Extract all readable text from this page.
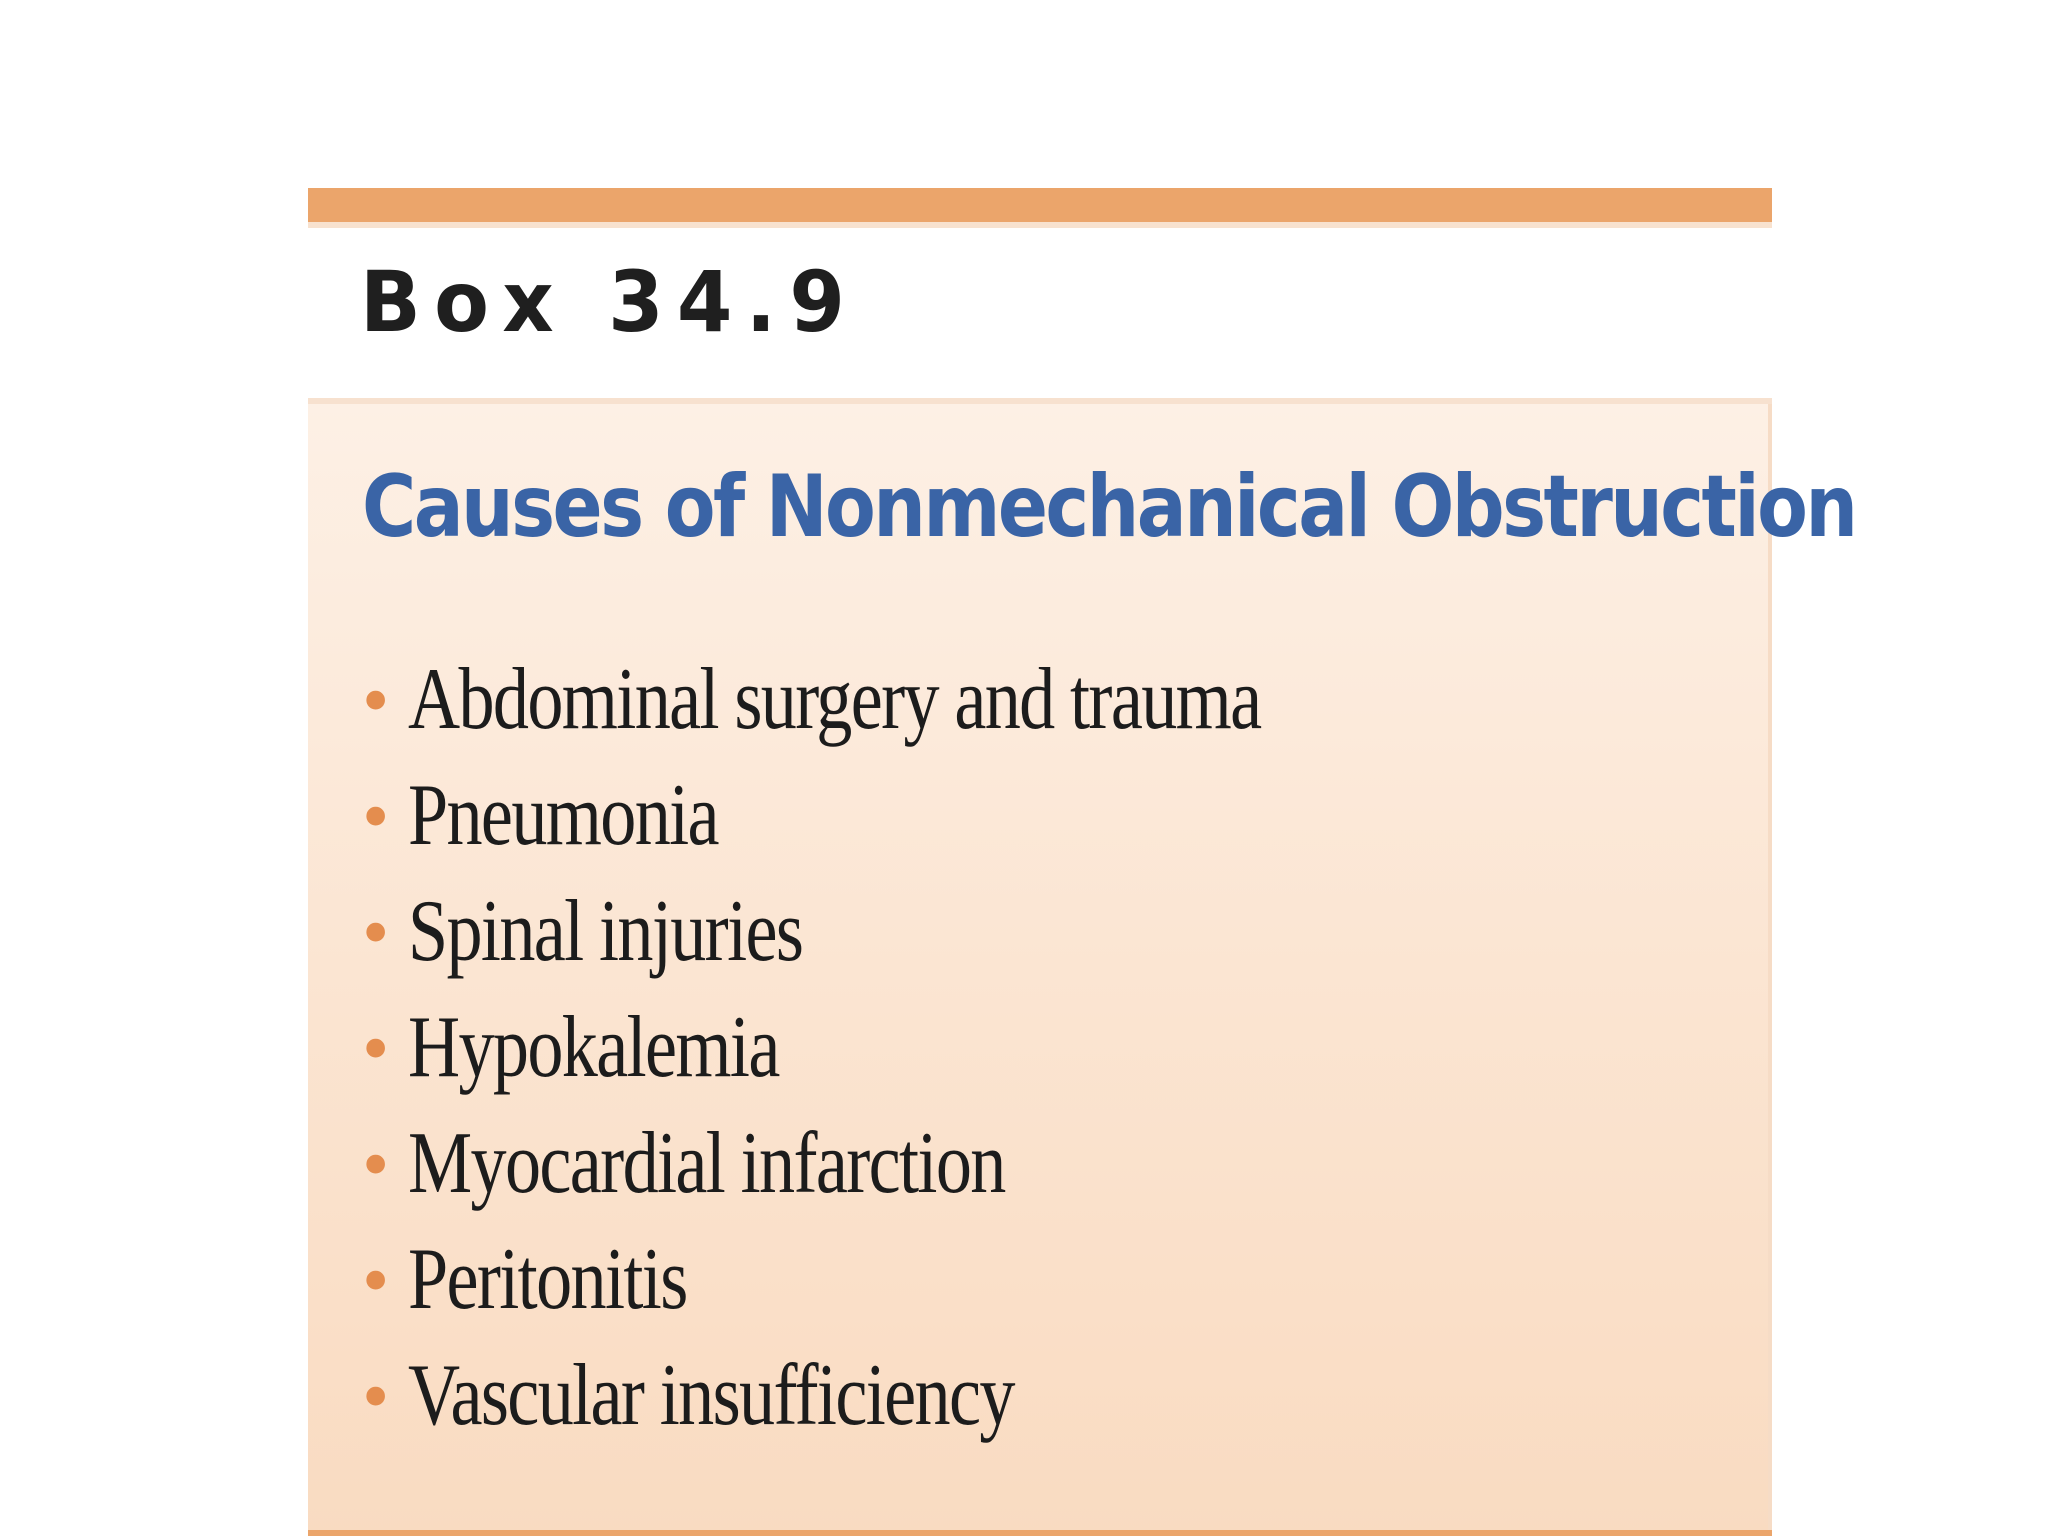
Box 34.9
Causes of Nonmechanical Obstruction
• Abdominal surgery and trauma
• Pneumonia
• Spinal injuries
• Hypokalemia
• Myocardial infarction
• Peritonitis
• Vascular insufficiency
